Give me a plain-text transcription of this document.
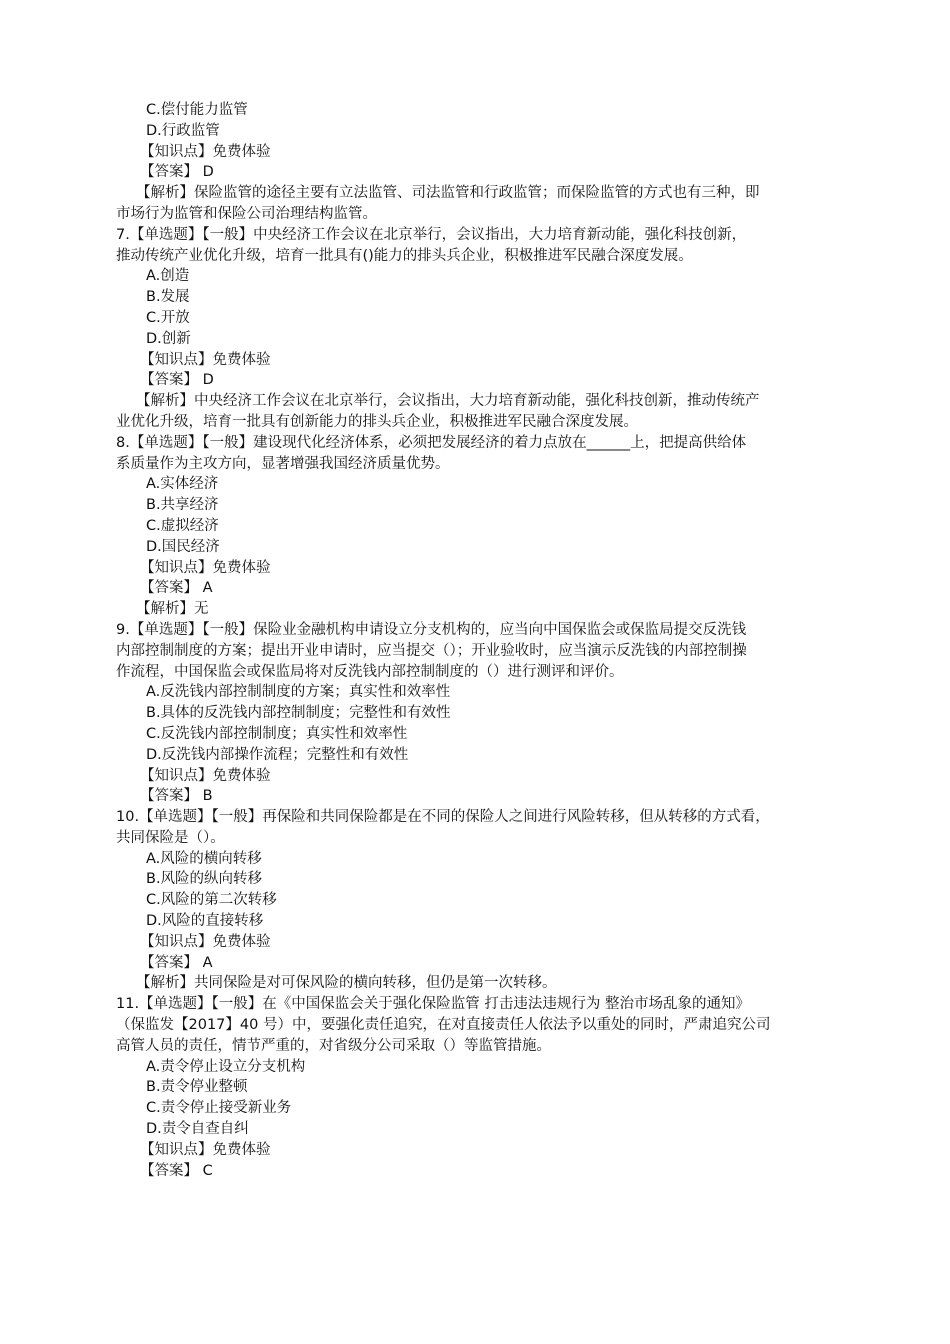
C.偿付能力监管
D.行政监管
【知识点】免费体验
【答案】 D
【解析】保险监管的途径主要有立法监管、司法监管和行政监管；而保险监管的方式也有三种，即
市场行为监管和保险公司治理结构监管。
7.【单选题】【一般】中央经济工作会议在北京举行，会议指出，大力培育新动能，强化科技创新，
推动传统产业优化升级，培育一批具有()能力的排头兵企业，积极推进军民融合深度发展。
A.创造
B.发展
C.开放
D.创新
【知识点】免费体验
【答案】 D
【解析】中央经济工作会议在北京举行，会议指出，大力培育新动能，强化科技创新，推动传统产
业优化升级，培育一批具有创新能力的排头兵企业，积极推进军民融合深度发展。
8.【单选题】【一般】建设现代化经济体系，必须把发展经济的着力点放在______上，把提高供给体
系质量作为主攻方向，显著增强我国经济质量优势。
A.实体经济
B.共享经济
C.虚拟经济
D.国民经济
【知识点】免费体验
【答案】 A
【解析】无
9.【单选题】【一般】保险业金融机构申请设立分支机构的，应当向中国保监会或保监局提交反洗钱
内部控制制度的方案；提出开业申请时，应当提交（）；开业验收时，应当演示反洗钱的内部控制操
作流程，中国保监会或保监局将对反洗钱内部控制制度的（）进行测评和评价。
A.反洗钱内部控制制度的方案；真实性和效率性
B.具体的反洗钱内部控制制度；完整性和有效性
C.反洗钱内部控制制度；真实性和效率性
D.反洗钱内部操作流程；完整性和有效性
【知识点】免费体验
【答案】 B
10.【单选题】【一般】再保险和共同保险都是在不同的保险人之间进行风险转移，但从转移的方式看，
共同保险是（）。
A.风险的横向转移
B.风险的纵向转移
C.风险的第二次转移
D.风险的直接转移
【知识点】免费体验
【答案】 A
【解析】共同保险是对可保风险的横向转移，但仍是第一次转移。
11.【单选题】【一般】在《中国保监会关于强化保险监管 打击违法违规行为 整治市场乱象的通知》
（保监发【2017】40 号）中，要强化责任追究，在对直接责任人依法予以重处的同时，严肃追究公司
高管人员的责任，情节严重的，对省级分公司采取（）等监管措施。
A.责令停止设立分支机构
B.责令停业整顿
C.责令停止接受新业务
D.责令自查自纠
【知识点】免费体验
【答案】 C
